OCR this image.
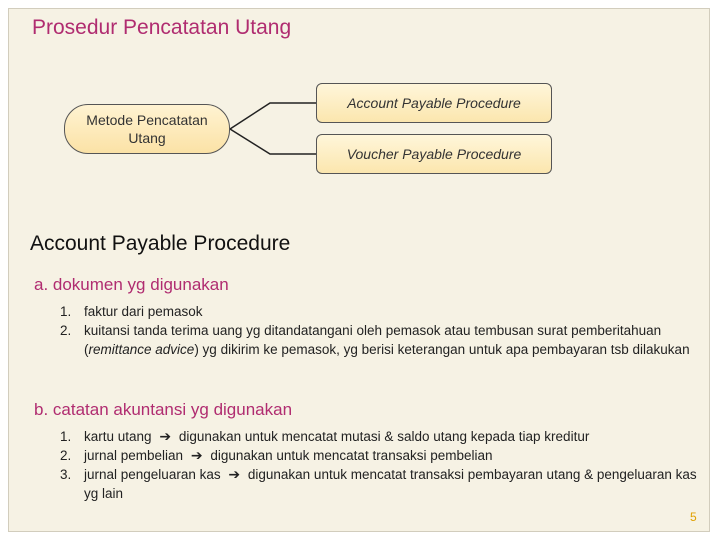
Prosedur Pencatatan Utang
Metode Pencatatan Utang
Account Payable Procedure
Voucher Payable Procedure
Account Payable Procedure
a. dokumen yg digunakan
1. faktur dari pemasok
2. kuitansi tanda terima uang yg ditandatangani oleh pemasok atau tembusan surat pemberitahuan (remittance advice) yg dikirim ke pemasok, yg berisi keterangan untuk apa pembayaran tsb dilakukan
b. catatan akuntansi yg digunakan
1. kartu utang ➔ digunakan untuk mencatat mutasi & saldo utang kepada tiap kreditur
2. jurnal pembelian ➔ digunakan untuk mencatat transaksi pembelian
3. jurnal pengeluaran kas ➔ digunakan untuk mencatat transaksi pembayaran utang & pengeluaran kas yg lain
5
